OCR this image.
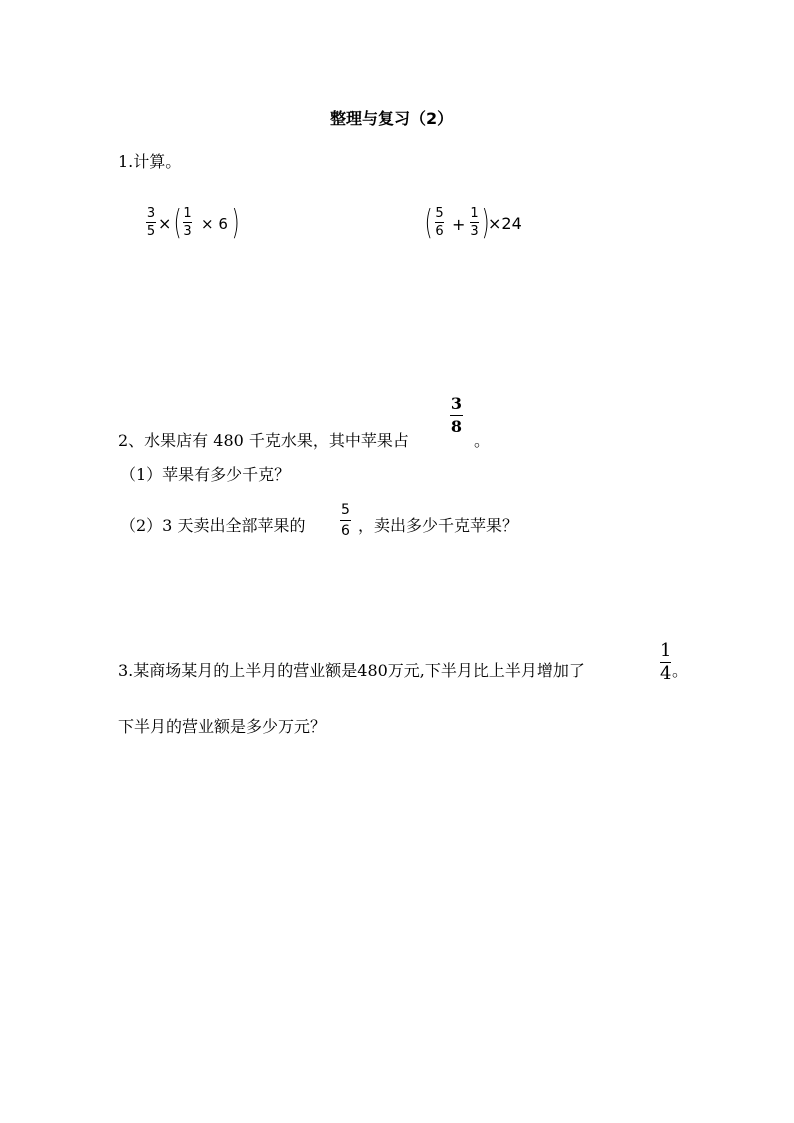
整理与复习（2）
1.计算。
3
5 × ( 1
3 × 6 )	( 5
6 +
1
3 )
×24
2、水果店有 480 千克水果，其中苹果占
3
8
。
（1）苹果有多少千克？
（2）3 天卖出全部苹果的
5
6 ，卖出多少千克苹果？
3.某商场某月的上半月的营业额是480万元,下半月比上半月增加了
1
4 。
下半月的营业额是多少万元？
